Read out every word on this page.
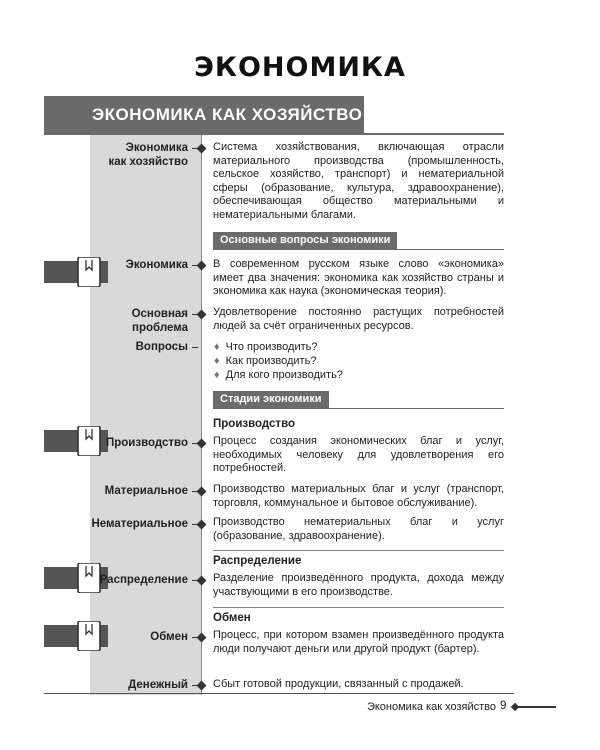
ЭКОНОМИКА
ЭКОНОМИКА КАК ХОЗЯЙСТВО
Экономика
как хозяйство
Система хозяйствования, включающая отрасли материального производства (промышленность, сельское хозяйство, транспорт) и нематериальной сферы (образование, культура, здравоохранение), обеспечивающая общество материальными и нематериальными благами.
Основные вопросы экономики
Экономика В современном русском языке слово «экономика» имеет два значения: экономика как хозяйство страны и экономика как наука (экономическая теория).
Основная
проблема
Удовлетворение постоянно растущих потребностей людей за счёт ограниченных ресурсов.
Вопросы ♦ Что производить?
♦ Как производить?
♦ Для кого производить?
Стадии экономики
Производство
Производство Процесс создания экономических благ и услуг, необходимых человеку для удовлетворения его потребностей.
Материальное Производство материальных благ и услуг (транспорт, торговля, коммунальное и бытовое обслуживание).
Нематериальное Производство нематериальных благ и услуг (образование, здравоохранение).
Распределение
Распределение Разделение произведённого продукта, дохода между участвующими в его производстве.
Обмен
Обмен Процесс, при котором взамен произведённого продукта люди получают деньги или другой продукт (бартер).
Денежный Сбыт готовой продукции, связанный с продажей.
Экономика как хозяйство 9
